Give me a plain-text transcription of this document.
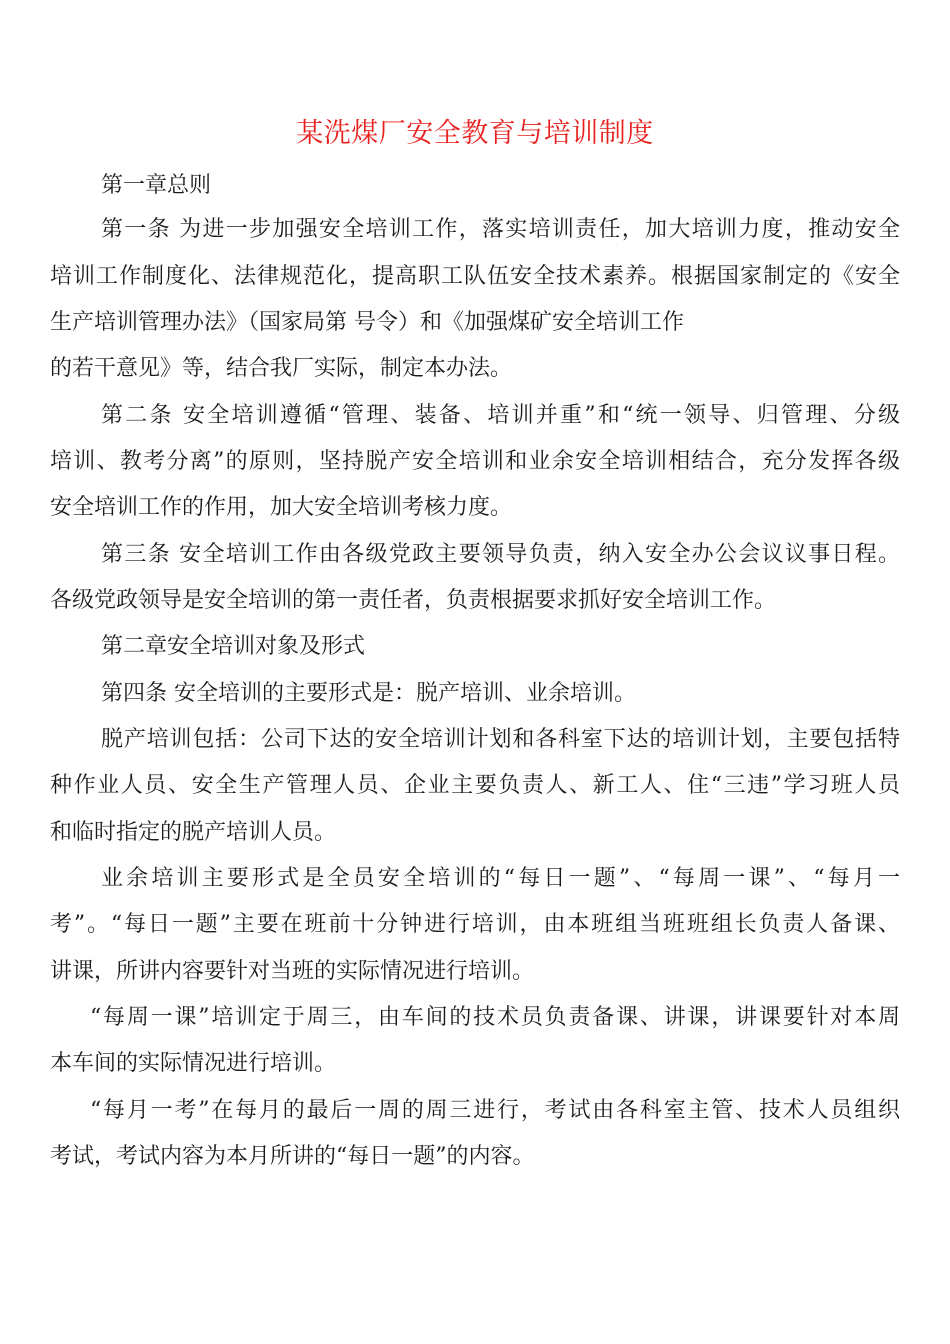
某洗煤厂安全教育与培训制度
第一章总则
第一条 为进一步加强安全培训工作，落实培训责任，加大培训力度，推动安全
培训工作制度化、法律规范化，提高职工队伍安全技术素养。根据国家制定的《安全
生产培训管理办法》（国家局第 号令）和《加强煤矿安全培训工作
的若干意见》等，结合我厂实际，制定本办法。
第二条 安全培训遵循“管理、装备、培训并重”和“统一领导、归管理、分级
培训、教考分离”的原则，坚持脱产安全培训和业余安全培训相结合，充分发挥各级
安全培训工作的作用，加大安全培训考核力度。
第三条 安全培训工作由各级党政主要领导负责，纳入安全办公会议议事日程。
各级党政领导是安全培训的第一责任者，负责根据要求抓好安全培训工作。
第二章安全培训对象及形式
第四条 安全培训的主要形式是：脱产培训、业余培训。
脱产培训包括：公司下达的安全培训计划和各科室下达的培训计划，主要包括特
种作业人员、安全生产管理人员、企业主要负责人、新工人、住“三违”学习班人员
和临时指定的脱产培训人员。
业余培训主要形式是全员安全培训的“每日一题”、“每周一课”、“每月一
考”。“每日一题”主要在班前十分钟进行培训，由本班组当班班组长负责人备课、
讲课，所讲内容要针对当班的实际情况进行培训。
“每周一课”培训定于周三，由车间的技术员负责备课、讲课，讲课要针对本周
本车间的实际情况进行培训。
“每月一考”在每月的最后一周的周三进行，考试由各科室主管、技术人员组织
考试，考试内容为本月所讲的“每日一题”的内容。
